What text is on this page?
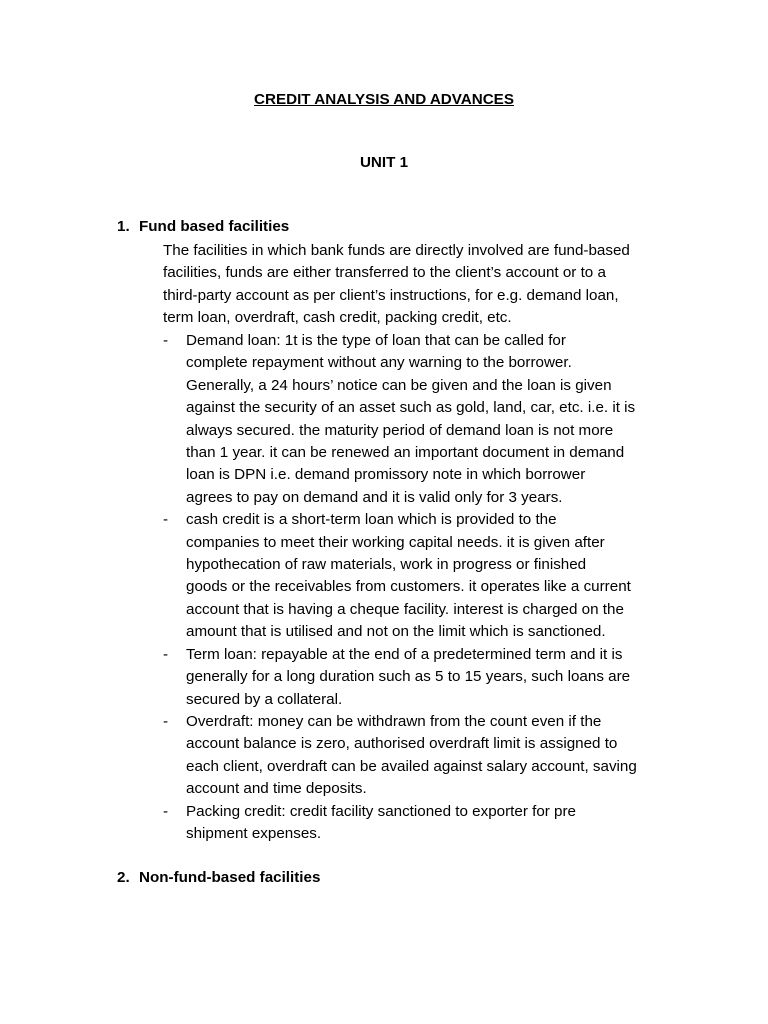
CREDIT ANALYSIS AND ADVANCES
UNIT 1
1. Fund based facilities
The facilities in which bank funds are directly involved are fund-based
facilities, funds are either transferred to the client’s account or to a
third-party account as per client’s instructions, for e.g. demand loan,
term loan, overdraft, cash credit, packing credit, etc.
- Demand loan: 1t is the type of loan that can be called for
complete repayment without any warning to the borrower.
Generally, a 24 hours’ notice can be given and the loan is given
against the security of an asset such as gold, land, car, etc. i.e. it is
always secured. the maturity period of demand loan is not more
than 1 year. it can be renewed an important document in demand
loan is DPN i.e. demand promissory note in which borrower
agrees to pay on demand and it is valid only for 3 years.
- cash credit is a short-term loan which is provided to the
companies to meet their working capital needs. it is given after
hypothecation of raw materials, work in progress or finished
goods or the receivables from customers. it operates like a current
account that is having a cheque facility. interest is charged on the
amount that is utilised and not on the limit which is sanctioned.
- Term loan: repayable at the end of a predetermined term and it is
generally for a long duration such as 5 to 15 years, such loans are
secured by a collateral.
- Overdraft: money can be withdrawn from the count even if the
account balance is zero, authorised overdraft limit is assigned to
each client, overdraft can be availed against salary account, saving
account and time deposits.
- Packing credit: credit facility sanctioned to exporter for pre
shipment expenses.
2. Non-fund-based facilities
